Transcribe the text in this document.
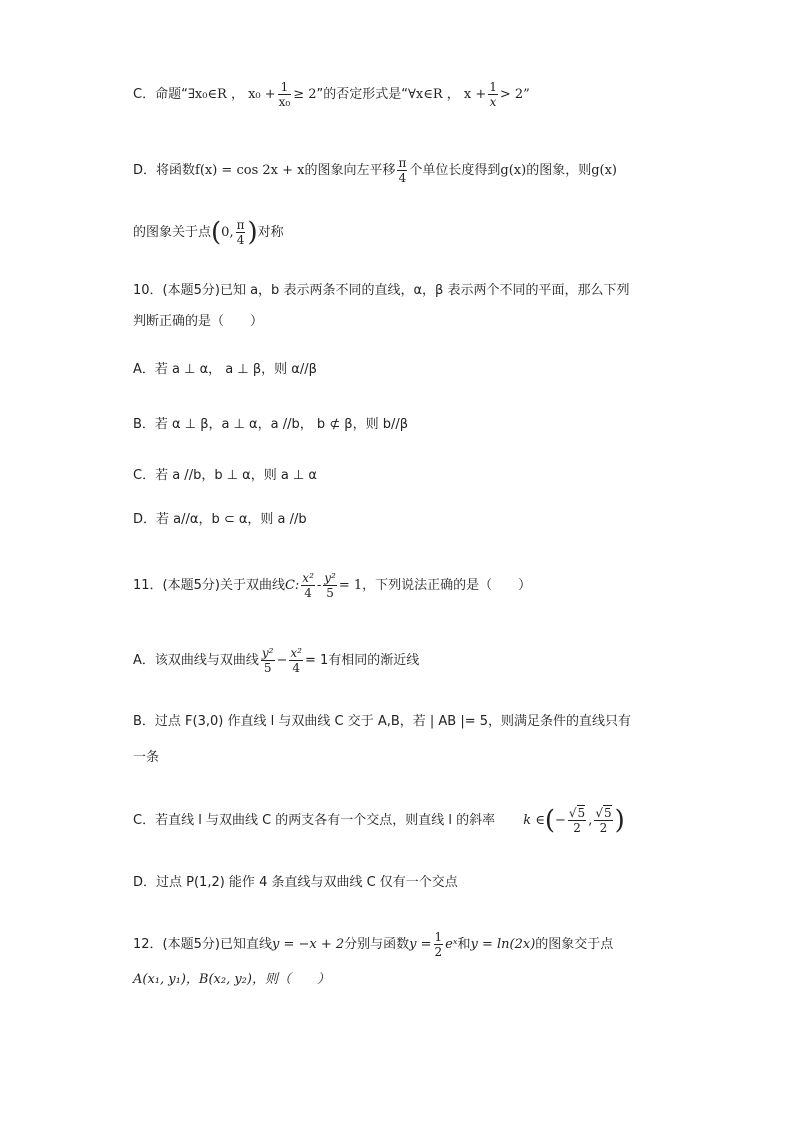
C．命题“∃x₀∈R ， $x_0 + \frac{1}{\text{x₀}} \ge 2$”的否定形式是“∀x∈R ， $x + \frac{1}{x} > 2$”
D．将函数f(x) = cos 2x + x的图象向左平移 $\frac{\pi}{4}$ 个单位长度得到g(x)的图象，则g(x)
的图象关于点(0, $\frac{\pi}{4}$ )对称
10．(本题5分)已知 a，b 表示两条不同的直线，α，β 表示两个不同的平面，那么下列
判断正确的是（　　）
A．若 a ⊥ α， a ⊥ β，则 α//β
B．若 α ⊥ β，a ⊥ α，a //b， b ⊄ β，则 b//β
C．若 a //b，b ⊥ α，则 a ⊥ α
D．若 a//α，b ⊂ α，则 a //b
11．(本题5分)关于双曲线C: $\frac{\text{x²}}{4} - \frac{\text{y²}}{5} = 1$，下列说法正确的是（　　）
A．该双曲线与双曲线 $\frac{\text{y²}}{5} - \frac{\text{x²}}{4} = 1$有相同的渐近线
B．过点 F(3,0) 作直线 l 与双曲线 C 交于 A,B，若 | AB |= 5，则满足条件的直线只有
一条
C．若直线 l 与双曲线 C 的两支各有一个交点，则直线 l 的斜率 k ∈(− $\frac{√5}{2}$ , $\frac{√5}{2}$ )
D．过点 P(1,2) 能作 4 条直线与双曲线 C 仅有一个交点
12．(本题5分)已知直线y = −x + 2分别与函数$y = \frac{1}{2}$ eˣ和y = ln(2x)的图象交于点
A(x₁, y₁)，B(x₂, y₂)，则（　　）
